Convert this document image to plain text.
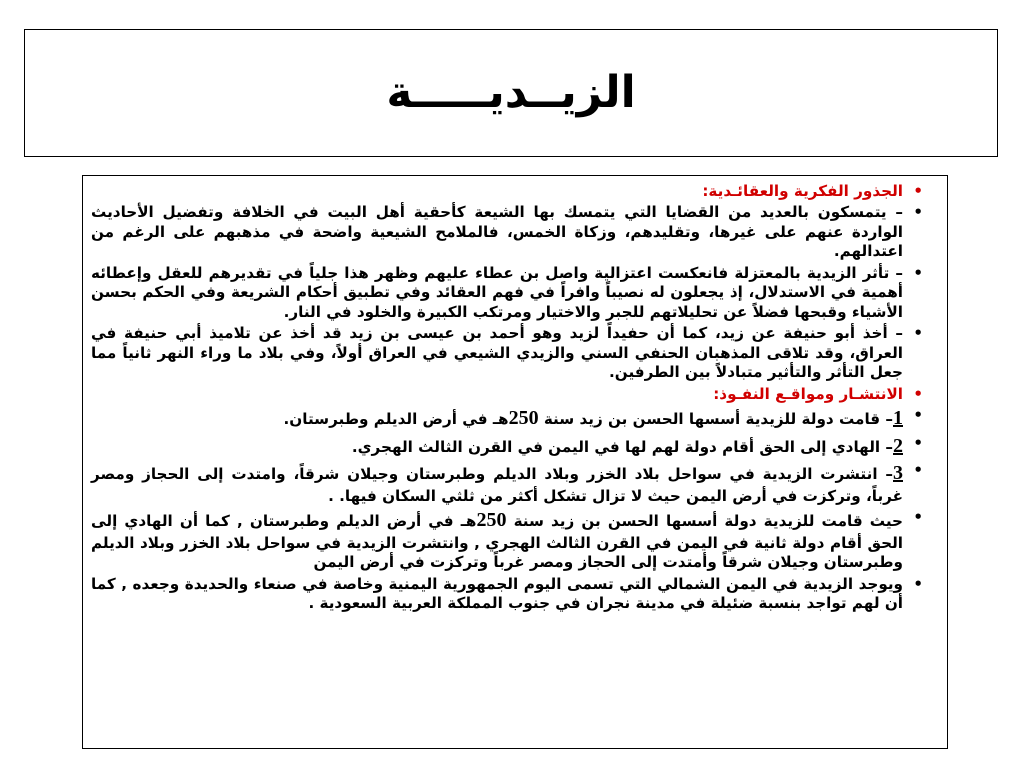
الزيــديـــــة
•
الجذور الفكرية والعقائـدية:
•
– يتمسكون بالعديد من القضايا التي يتمسك بها الشيعة كأحقية أهل البيت في الخلافة وتفضيل الأحاديث الواردة عنهم على غيرها، وتقليدهم، وزكاة الخمس، فالملامح الشيعية واضحة في مذهبهم على الرغم من اعتدالهم.
•
– تأثر الزيدية بالمعتزلة فانعكست اعتزالية واصل بن عطاء عليهم وظهر هذا جلياً في تقديرهم للعقل وإعطائه أهمية في الاستدلال، إذ يجعلون له نصيباً وافراً في فهم العقائد وفي تطبيق أحكام الشريعة وفي الحكم بحسن الأشياء وقبحها فضلاً عن تحليلاتهم للجبر والاختيار ومرتكب الكبيرة والخلود في النار.
•
– أخذ أبو حنيفة عن زيد، كما أن حفيداً لزيد وهو أحمد بن عيسى بن زيد قد أخذ عن تلاميذ أبي حنيفة في العراق، وقد تلاقى المذهبان الحنفي السني والزيدي الشيعي في العراق أولاً، وفي بلاد ما وراء النهر ثانياً مما جعل التأثر والتأثير متبادلاً بين الطرفين.
•
الانتشـار ومواقـع النفـوذ:
•
1– قامت دولة للزيدية أسسها الحسن بن زيد سنة 250هـ في أرض الديلم وطبرستان.
•
2– الهادي إلى الحق أقام دولة لهم لها في اليمن في القرن الثالث الهجري.
•
3– انتشرت الزيدية في سواحل بلاد الخزر وبلاد الديلم وطبرستان وجيلان شرقاً، وامتدت إلى الحجاز ومصر غرباً، وتركزت في أرض اليمن حيث لا تزال تشكل أكثر من ثلثي السكان فيها. .
•
حيث قامت للزيدية دولة أسسها الحسن بن زيد سنة 250هـ في أرض الديلم وطبرستان , كما أن الهادي إلى الحق أقام دولة ثانية في اليمن في القرن الثالث الهجري , وانتشرت الزيدية في سواحل بلاد الخزر وبلاد الديلم وطبرستان وجيلان شرقاً وأمتدت إلى الحجاز ومصر غرباً وتركزت في أرض اليمن
•
ويوجد الزيدية في اليمن الشمالي التي تسمى اليوم الجمهورية اليمنية وخاصة في صنعاء والحديدة وجعده , كما أن لهم تواجد بنسبة ضئيلة في مدينة نجران في جنوب المملكة العربية السعودية .
